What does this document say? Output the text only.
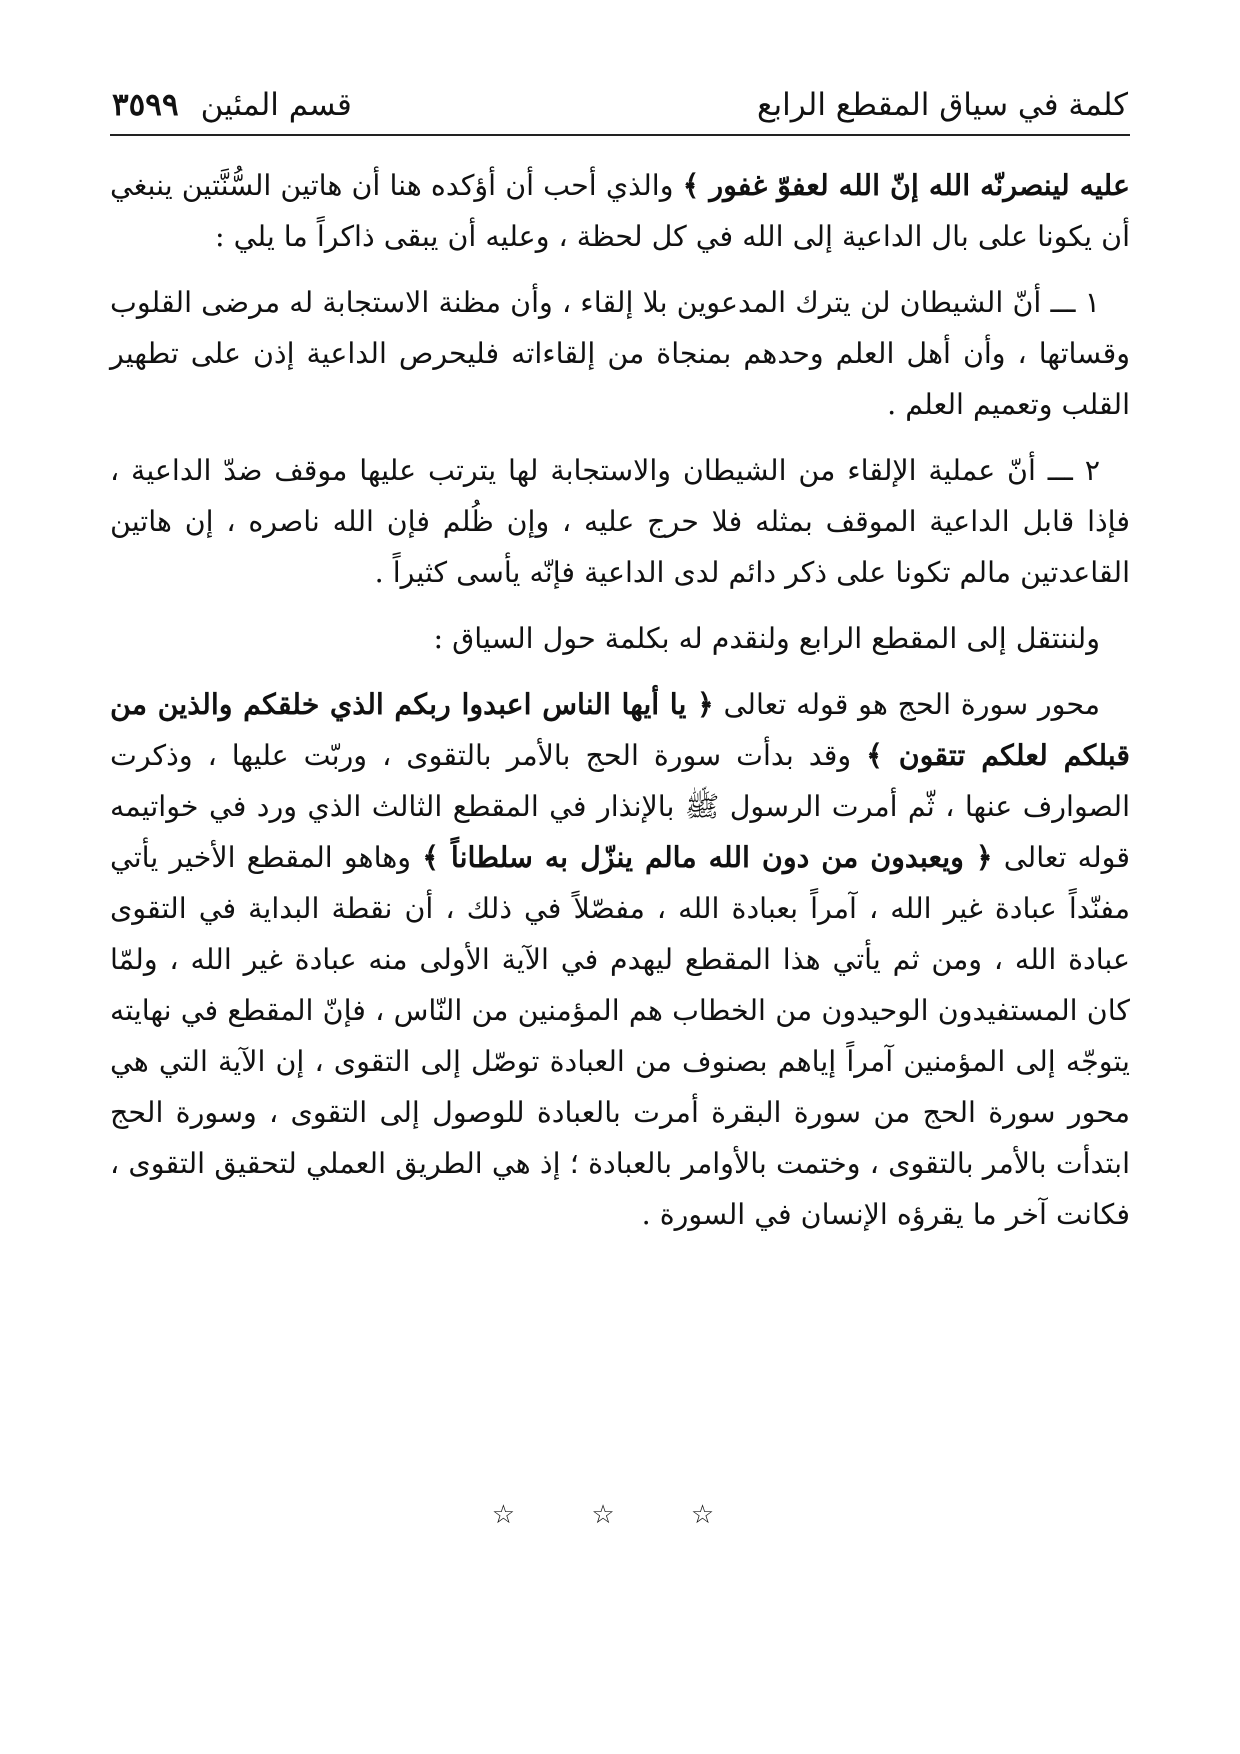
كلمة في سياق المقطع الرابع
قسم المئين٣٥٩٩

عليه لينصرنّه الله إنّ الله لعفوّ غفور ﴾ والذي أحب أن أؤكده هنا أن هاتين السُّنَّتين ينبغي أن يكونا على بال الداعية إلى الله في كل لحظة ، وعليه أن يبقى ذاكراً ما يلي :

١ ـــ أنّ الشيطان لن يترك المدعوين بلا إلقاء ، وأن مظنة الاستجابة له مرضى القلوب وقساتها ، وأن أهل العلم وحدهم بمنجاة من إلقاءاته فليحرص الداعية إذن على تطهير القلب وتعميم العلم .

٢ ـــ أنّ عملية الإلقاء من الشيطان والاستجابة لها يترتب عليها موقف ضدّ الداعية ، فإذا قابل الداعية الموقف بمثله فلا حرج عليه ، وإن ظُلم فإن الله ناصره ، إن هاتين القاعدتين مالم تكونا على ذكر دائم لدى الداعية فإنّه يأسى كثيراً .

ولننتقل إلى المقطع الرابع ولنقدم له بكلمة حول السياق :

محور سورة الحج هو قوله تعالى ﴿ يا أيها الناس اعبدوا ربكم الذي خلقكم والذين من قبلكم لعلكم تتقون ﴾ وقد بدأت سورة الحج بالأمر بالتقوى ، وربّت عليها ، وذكرت الصوارف عنها ، ثّم أمرت الرسول ﷺ بالإنذار في المقطع الثالث الذي ورد في خواتيمه قوله تعالى ﴿ ويعبدون من دون الله مالم ينزّل به سلطاناً ﴾ وهاهو المقطع الأخير يأتي مفنّداً عبادة غير الله ، آمراً بعبادة الله ، مفصّلاً في ذلك ، أن نقطة البداية في التقوى عبادة الله ، ومن ثم يأتي هذا المقطع ليهدم في الآية الأولى منه عبادة غير الله ، ولمّا كان المستفيدون الوحيدون من الخطاب هم المؤمنين من النّاس ، فإنّ المقطع في نهايته يتوجّه إلى المؤمنين آمراً إياهم بصنوف من العبادة توصّل إلى التقوى ، إن الآية التي هي محور سورة الحج من سورة البقرة أمرت بالعبادة للوصول إلى التقوى ، وسورة الحج ابتدأت بالأمر بالتقوى ، وختمت بالأوامر بالعبادة ؛ إذ هي الطريق العملي لتحقيق التقوى ، فكانت آخر ما يقرؤه الإنسان في السورة .

☆ ☆ ☆
